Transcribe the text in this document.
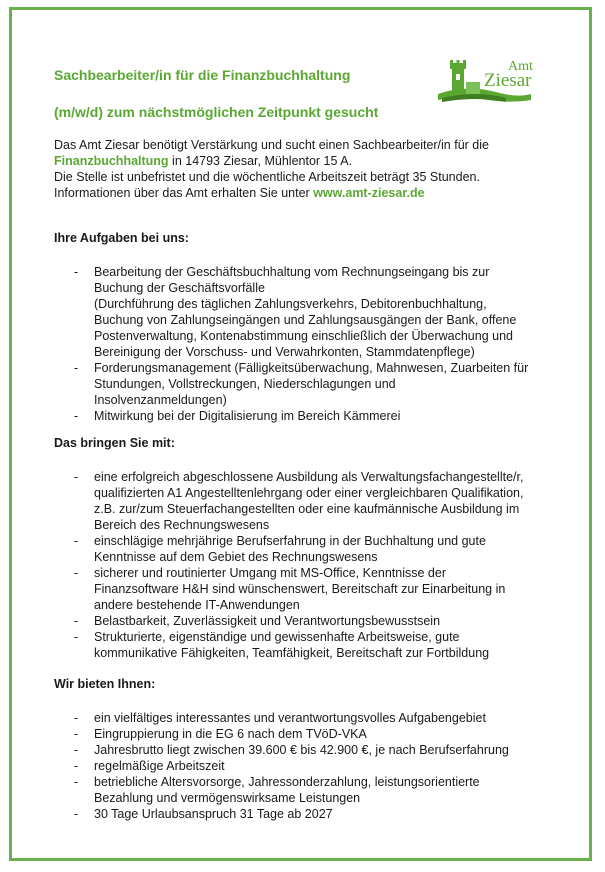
Sachbearbeiter/in für die Finanzbuchhaltung
(m/w/d) zum nächstmöglichen Zeitpunkt gesucht
Amt
Ziesar
Das Amt Ziesar benötigt Verstärkung und sucht einen Sachbearbeiter/in für die
Finanzbuchhaltung in 14793 Ziesar, Mühlentor 15 A.
Die Stelle ist unbefristet und die wöchentliche Arbeitszeit beträgt 35 Stunden.
Informationen über das Amt erhalten Sie unter www.amt-ziesar.de
Ihre Aufgaben bei uns:
- Bearbeitung der Geschäftsbuchhaltung vom Rechnungseingang bis zur
Buchung der Geschäftsvorfälle
(Durchführung des täglichen Zahlungsverkehrs, Debitorenbuchhaltung,
Buchung von Zahlungseingängen und Zahlungsausgängen der Bank, offene
Postenverwaltung, Kontenabstimmung einschließlich der Überwachung und
Bereinigung der Vorschuss- und Verwahrkonten, Stammdatenpflege)
- Forderungsmanagement (Fälligkeitsüberwachung, Mahnwesen, Zuarbeiten für
Stundungen, Vollstreckungen, Niederschlagungen und
Insolvenzanmeldungen)
- Mitwirkung bei der Digitalisierung im Bereich Kämmerei
Das bringen Sie mit:
- eine erfolgreich abgeschlossene Ausbildung als Verwaltungsfachangestellte/r,
qualifizierten A1 Angestelltenlehrgang oder einer vergleichbaren Qualifikation,
z.B. zur/zum Steuerfachangestellten oder eine kaufmännische Ausbildung im
Bereich des Rechnungswesens
- einschlägige mehrjährige Berufserfahrung in der Buchhaltung und gute
Kenntnisse auf dem Gebiet des Rechnungswesens
- sicherer und routinierter Umgang mit MS-Office, Kenntnisse der
Finanzsoftware H&H sind wünschenswert, Bereitschaft zur Einarbeitung in
andere bestehende IT-Anwendungen
- Belastbarkeit, Zuverlässigkeit und Verantwortungsbewusstsein
- Strukturierte, eigenständige und gewissenhafte Arbeitsweise, gute
kommunikative Fähigkeiten, Teamfähigkeit, Bereitschaft zur Fortbildung
Wir bieten Ihnen:
- ein vielfältiges interessantes und verantwortungsvolles Aufgabengebiet
- Eingruppierung in die EG 6 nach dem TVöD-VKA
- Jahresbrutto liegt zwischen 39.600 € bis 42.900 €, je nach Berufserfahrung
- regelmäßige Arbeitszeit
- betriebliche Altersvorsorge, Jahressonderzahlung, leistungsorientierte
Bezahlung und vermögenswirksame Leistungen
- 30 Tage Urlaubsanspruch 31 Tage ab 2027
